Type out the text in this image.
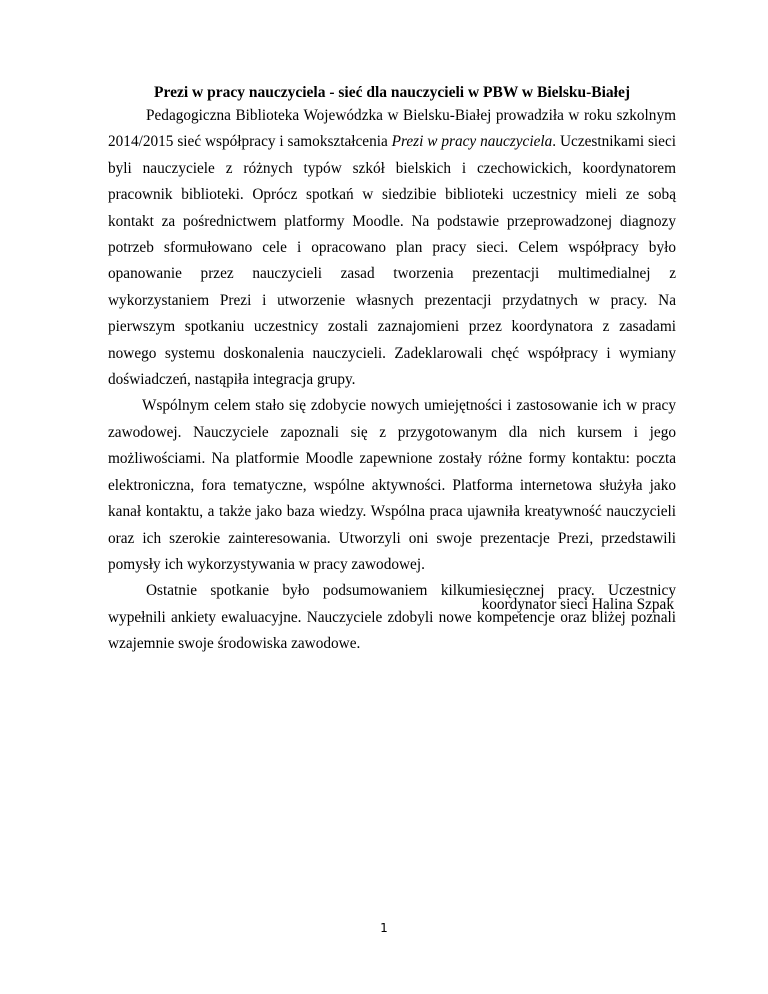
Prezi w pracy nauczyciela - sieć dla nauczycieli w PBW w Bielsku-Białej

Pedagogiczna Biblioteka Wojewódzka w Bielsku-Białej prowadziła w roku szkolnym 2014/2015 sieć współpracy i samokształcenia Prezi w pracy nauczyciela. Uczestnikami sieci byli nauczyciele z różnych typów szkół bielskich i czechowickich, koordynatorem pracownik biblioteki. Oprócz spotkań w siedzibie biblioteki uczestnicy mieli ze sobą kontakt za pośrednictwem platformy Moodle. Na podstawie przeprowadzonej diagnozy potrzeb sformułowano cele i opracowano plan pracy sieci. Celem współpracy było opanowanie przez nauczycieli zasad tworzenia prezentacji multimedialnej z wykorzystaniem Prezi i utworzenie własnych prezentacji przydatnych w pracy. Na pierwszym spotkaniu uczestnicy zostali zaznajomieni przez koordynatora z zasadami nowego systemu doskonalenia nauczycieli. Zadeklarowali chęć współpracy i wymiany doświadczeń, nastąpiła integracja grupy.

Wspólnym celem stało się zdobycie nowych umiejętności i zastosowanie ich w pracy zawodowej. Nauczyciele zapoznali się z przygotowanym dla nich kursem i jego możliwościami. Na platformie Moodle zapewnione zostały różne formy kontaktu: poczta elektroniczna, fora tematyczne, wspólne aktywności. Platforma internetowa służyła jako kanał kontaktu, a także jako baza wiedzy. Wspólna praca ujawniła kreatywność nauczycieli oraz ich szerokie zainteresowania. Utworzyli oni swoje prezentacje Prezi, przedstawili pomysły ich wykorzystywania w pracy zawodowej.

Ostatnie spotkanie było podsumowaniem kilkumiesięcznej pracy. Uczestnicy wypełnili ankiety ewaluacyjne. Nauczyciele zdobyli nowe kompetencje oraz bliżej poznali wzajemnie swoje środowiska zawodowe.

koordynator sieci Halina Szpak
1
